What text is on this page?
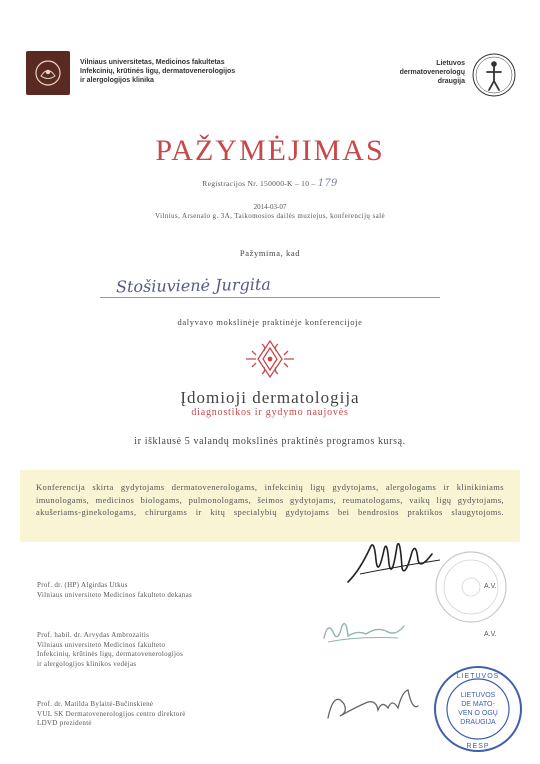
Vilniaus universitetas, Medicinos fakultetas
Infekcinių, krūtinės ligų, dermatovenerologijos
ir alergologijos klinika
Lietuvos
dermatovenerologų
draugija
PAŽYMĖJIMAS
Registracijos Nr. 150000-K – 10 – 179
2014-03-07
Vilnius, Arsenalo g. 3A, Taikomosios dailės muziejus, konferencijų salė
Pažymima, kad
Stošiuvienė Jurgita
dalyvavo mokslinėje praktinėje konferencijoje
Įdomioji dermatologija
diagnostikos ir gydymo naujovės
ir išklausė 5 valandų mokslinės praktinės programos kursą.
Konferencija skirta gydytojams dermatovenerologams, infekcinių ligų gydytojams, alergologams ir klinikiniams imunologams, medicinos biologams, pulmonologams, šeimos gydytojams, reumatologams, vaikų ligų gydytojams, akušeriams-ginekologams, chirurgams ir kitų specialybių gydytojams bei bendrosios praktikos slaugytojoms.
Prof. dr. (HP) Algirdas Utkus
Vilniaus universiteto Medicinos fakulteto dekanas
A.V.
Prof. habil. dr. Arvydas Ambrozaitis
Vilniaus universiteto Medicinos fakulteto
Infekcinių, krūtinės ligų, dermatovenerologijos
ir alergologijos klinikos vedėjas
A.V.
Prof. dr. Matilda Bylaitė-Bučinskienė
VUL SK Dermatovenerologijos centro direktorė
LDVD prezidentė
LIETUVOS
RESP
LIETUVOS
DE MATO-
VEN O OGŲ
DRAUGIJA
